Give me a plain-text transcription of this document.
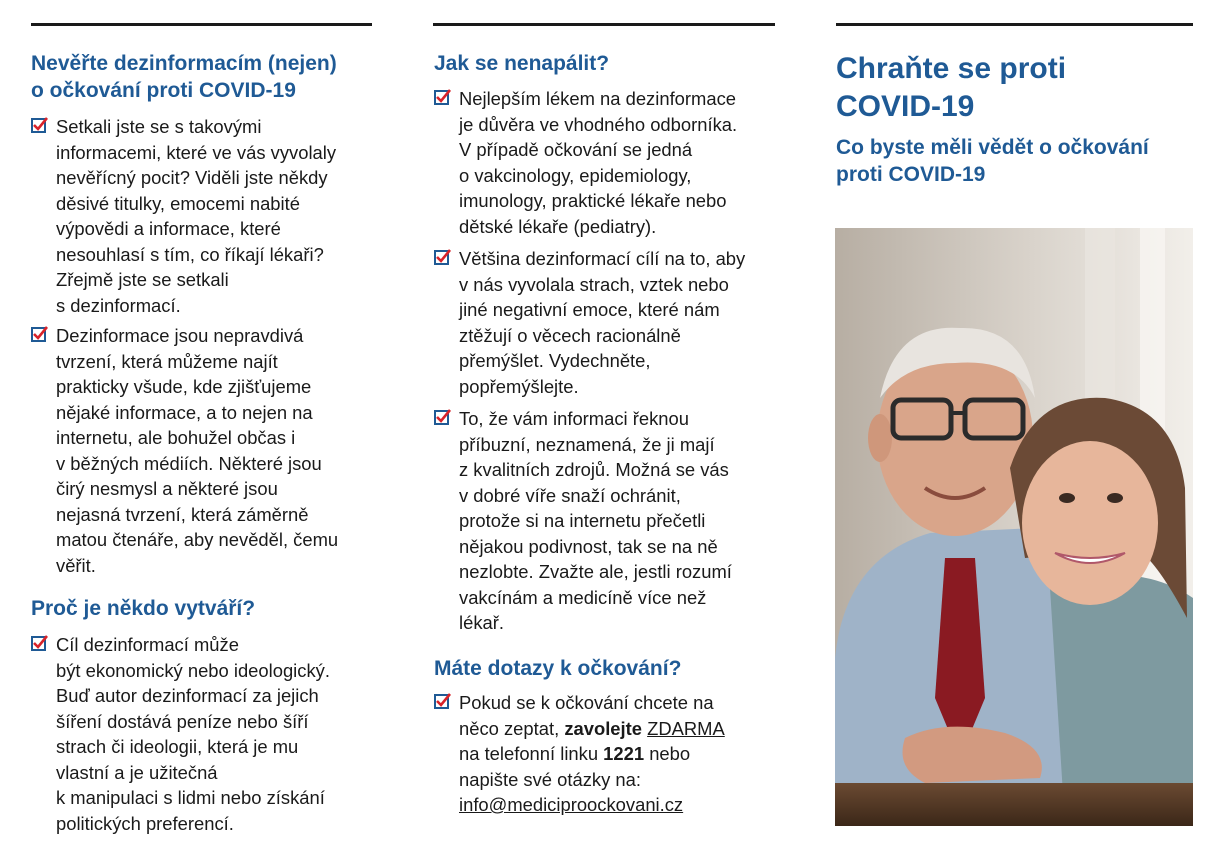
Nevěřte dezinformacím (nejen)
o očkování proti COVID-19
Setkali jste se s takovými
informacemi, které ve vás vyvolaly
nevěřícný pocit? Viděli jste někdy
děsivé titulky, emocemi nabité
výpovědi a informace, které
nesouhlasí s tím, co říkají lékaři?
Zřejmě jste se setkali
s dezinformací.
Dezinformace jsou nepravdivá
tvrzení, která můžeme najít
prakticky všude, kde zjišťujeme
nějaké informace, a to nejen na
internetu, ale bohužel občas i
v běžných médiích. Některé jsou
čirý nesmysl a některé jsou
nejasná tvrzení, která záměrně
matou čtenáře, aby nevěděl, čemu
věřit.
Proč je někdo vytváří?
Cíl dezinformací může
být ekonomický nebo ideologický.
Buď autor dezinformací za jejich
šíření dostává peníze nebo šíří
strach či ideologii, která je mu
vlastní a je užitečná
k manipulaci s lidmi nebo získání
politických preferencí.
Jak se nenapálit?
Nejlepším lékem na dezinformace
je důvěra ve vhodného odborníka.
V případě očkování se jedná
o vakcinology, epidemiology,
imunology, praktické lékaře nebo
dětské lékaře (pediatry).
Většina dezinformací cílí na to, aby
v nás vyvolala strach, vztek nebo
jiné negativní emoce, které nám
ztěžují o věcech racionálně
přemýšlet. Vydechněte,
popřemýšlejte.
To, že vám informaci řeknou
příbuzní, neznamená, že ji mají
z kvalitních zdrojů. Možná se vás
v dobré víře snaží ochránit,
protože si na internetu přečetli
nějakou podivnost, tak se na ně
nezlobte. Zvažte ale, jestli rozumí
vakcínám a medicíně více než
lékař.
Máte dotazy k očkování?
Pokud se k očkování chcete na
něco zeptat, zavolejte ZDARMA
na telefonní linku 1221 nebo
napište své otázky na:
info@mediciproockovani.cz
Chraňte se proti
COVID-19
Co byste měli vědět o očkování
proti COVID-19
